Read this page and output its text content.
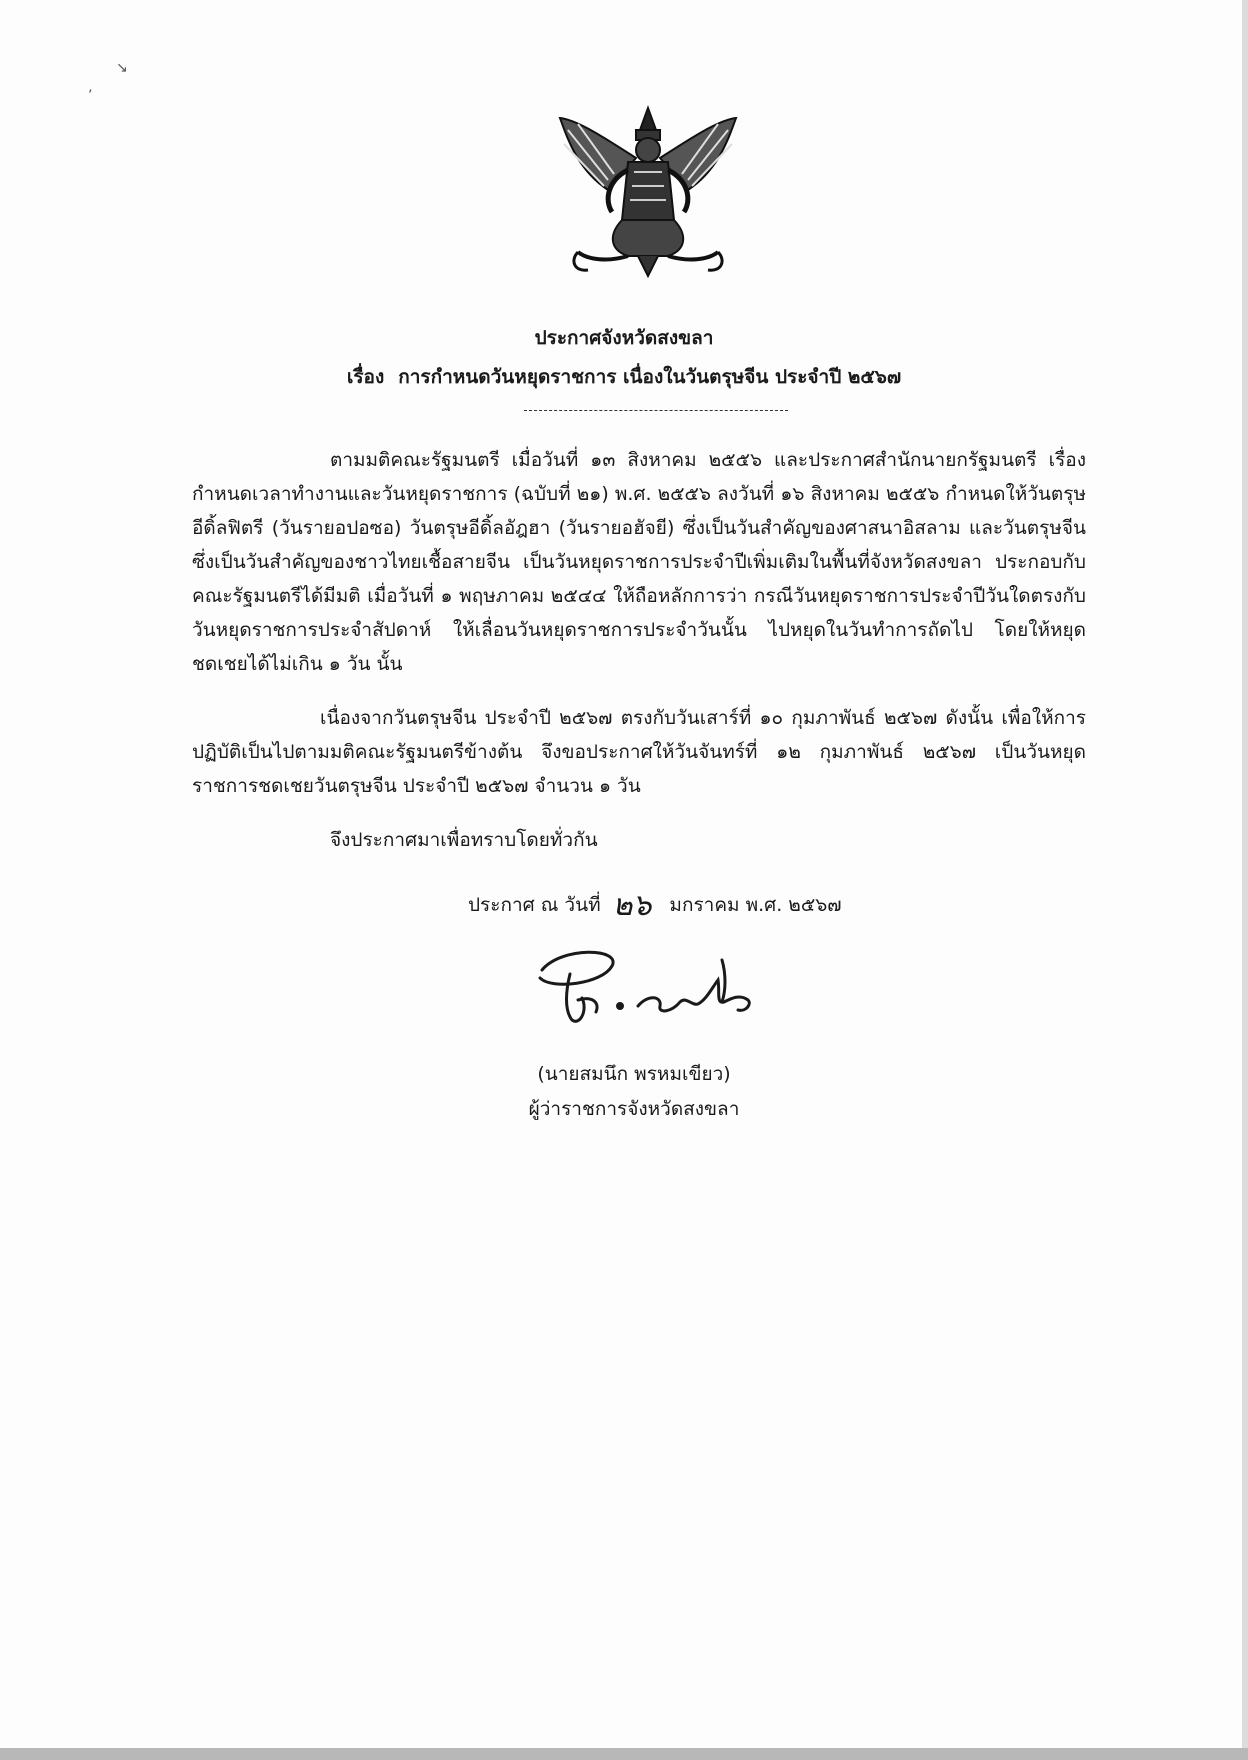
↘
’
ประกาศจังหวัดสงขลา
เรื่อง การกำหนดวันหยุดราชการ เนื่องในวันตรุษจีน ประจำปี ๒๕๖๗
ตามมติคณะรัฐมนตรี เมื่อวันที่ ๑๓ สิงหาคม ๒๕๕๖ และประกาศสำนักนายกรัฐมนตรี เรื่อง กำหนดเวลาทำงานและวันหยุดราชการ (ฉบับที่ ๒๑) พ.ศ. ๒๕๕๖ ลงวันที่ ๑๖ สิงหาคม ๒๕๕๖ กำหนดให้วันตรุษอีดิ้ลฟิตรี (วันรายอปอซอ) วันตรุษอีดิ้ลอัฎฮา (วันรายอฮัจยี) ซึ่งเป็นวันสำคัญของศาสนาอิสลาม และวันตรุษจีน ซึ่งเป็นวันสำคัญของชาวไทยเชื้อสายจีน เป็นวันหยุดราชการประจำปีเพิ่มเติมในพื้นที่จังหวัดสงขลา ประกอบกับคณะรัฐมนตรีได้มีมติ เมื่อวันที่ ๑ พฤษภาคม ๒๕๔๔ ให้ถือหลักการว่า กรณีวันหยุดราชการประจำปีวันใดตรงกับวันหยุดราชการประจำสัปดาห์ ให้เลื่อนวันหยุดราชการประจำวันนั้น ไปหยุดในวันทำการถัดไป โดยให้หยุดชดเชยได้ไม่เกิน ๑ วัน นั้น
เนื่องจากวันตรุษจีน ประจำปี ๒๕๖๗ ตรงกับวันเสาร์ที่ ๑๐ กุมภาพันธ์ ๒๕๖๗ ดังนั้น เพื่อให้การปฏิบัติเป็นไปตามมติคณะรัฐมนตรีข้างต้น จึงขอประกาศให้วันจันทร์ที่ ๑๒ กุมภาพันธ์ ๒๕๖๗ เป็นวันหยุดราชการชดเชยวันตรุษจีน ประจำปี ๒๕๖๗ จำนวน ๑ วัน
จึงประกาศมาเพื่อทราบโดยทั่วกัน
ประกาศ ณ วันที่ ๒๖ มกราคม พ.ศ. ๒๕๖๗
(นายสมนึก พรหมเขียว)
ผู้ว่าราชการจังหวัดสงขลา
